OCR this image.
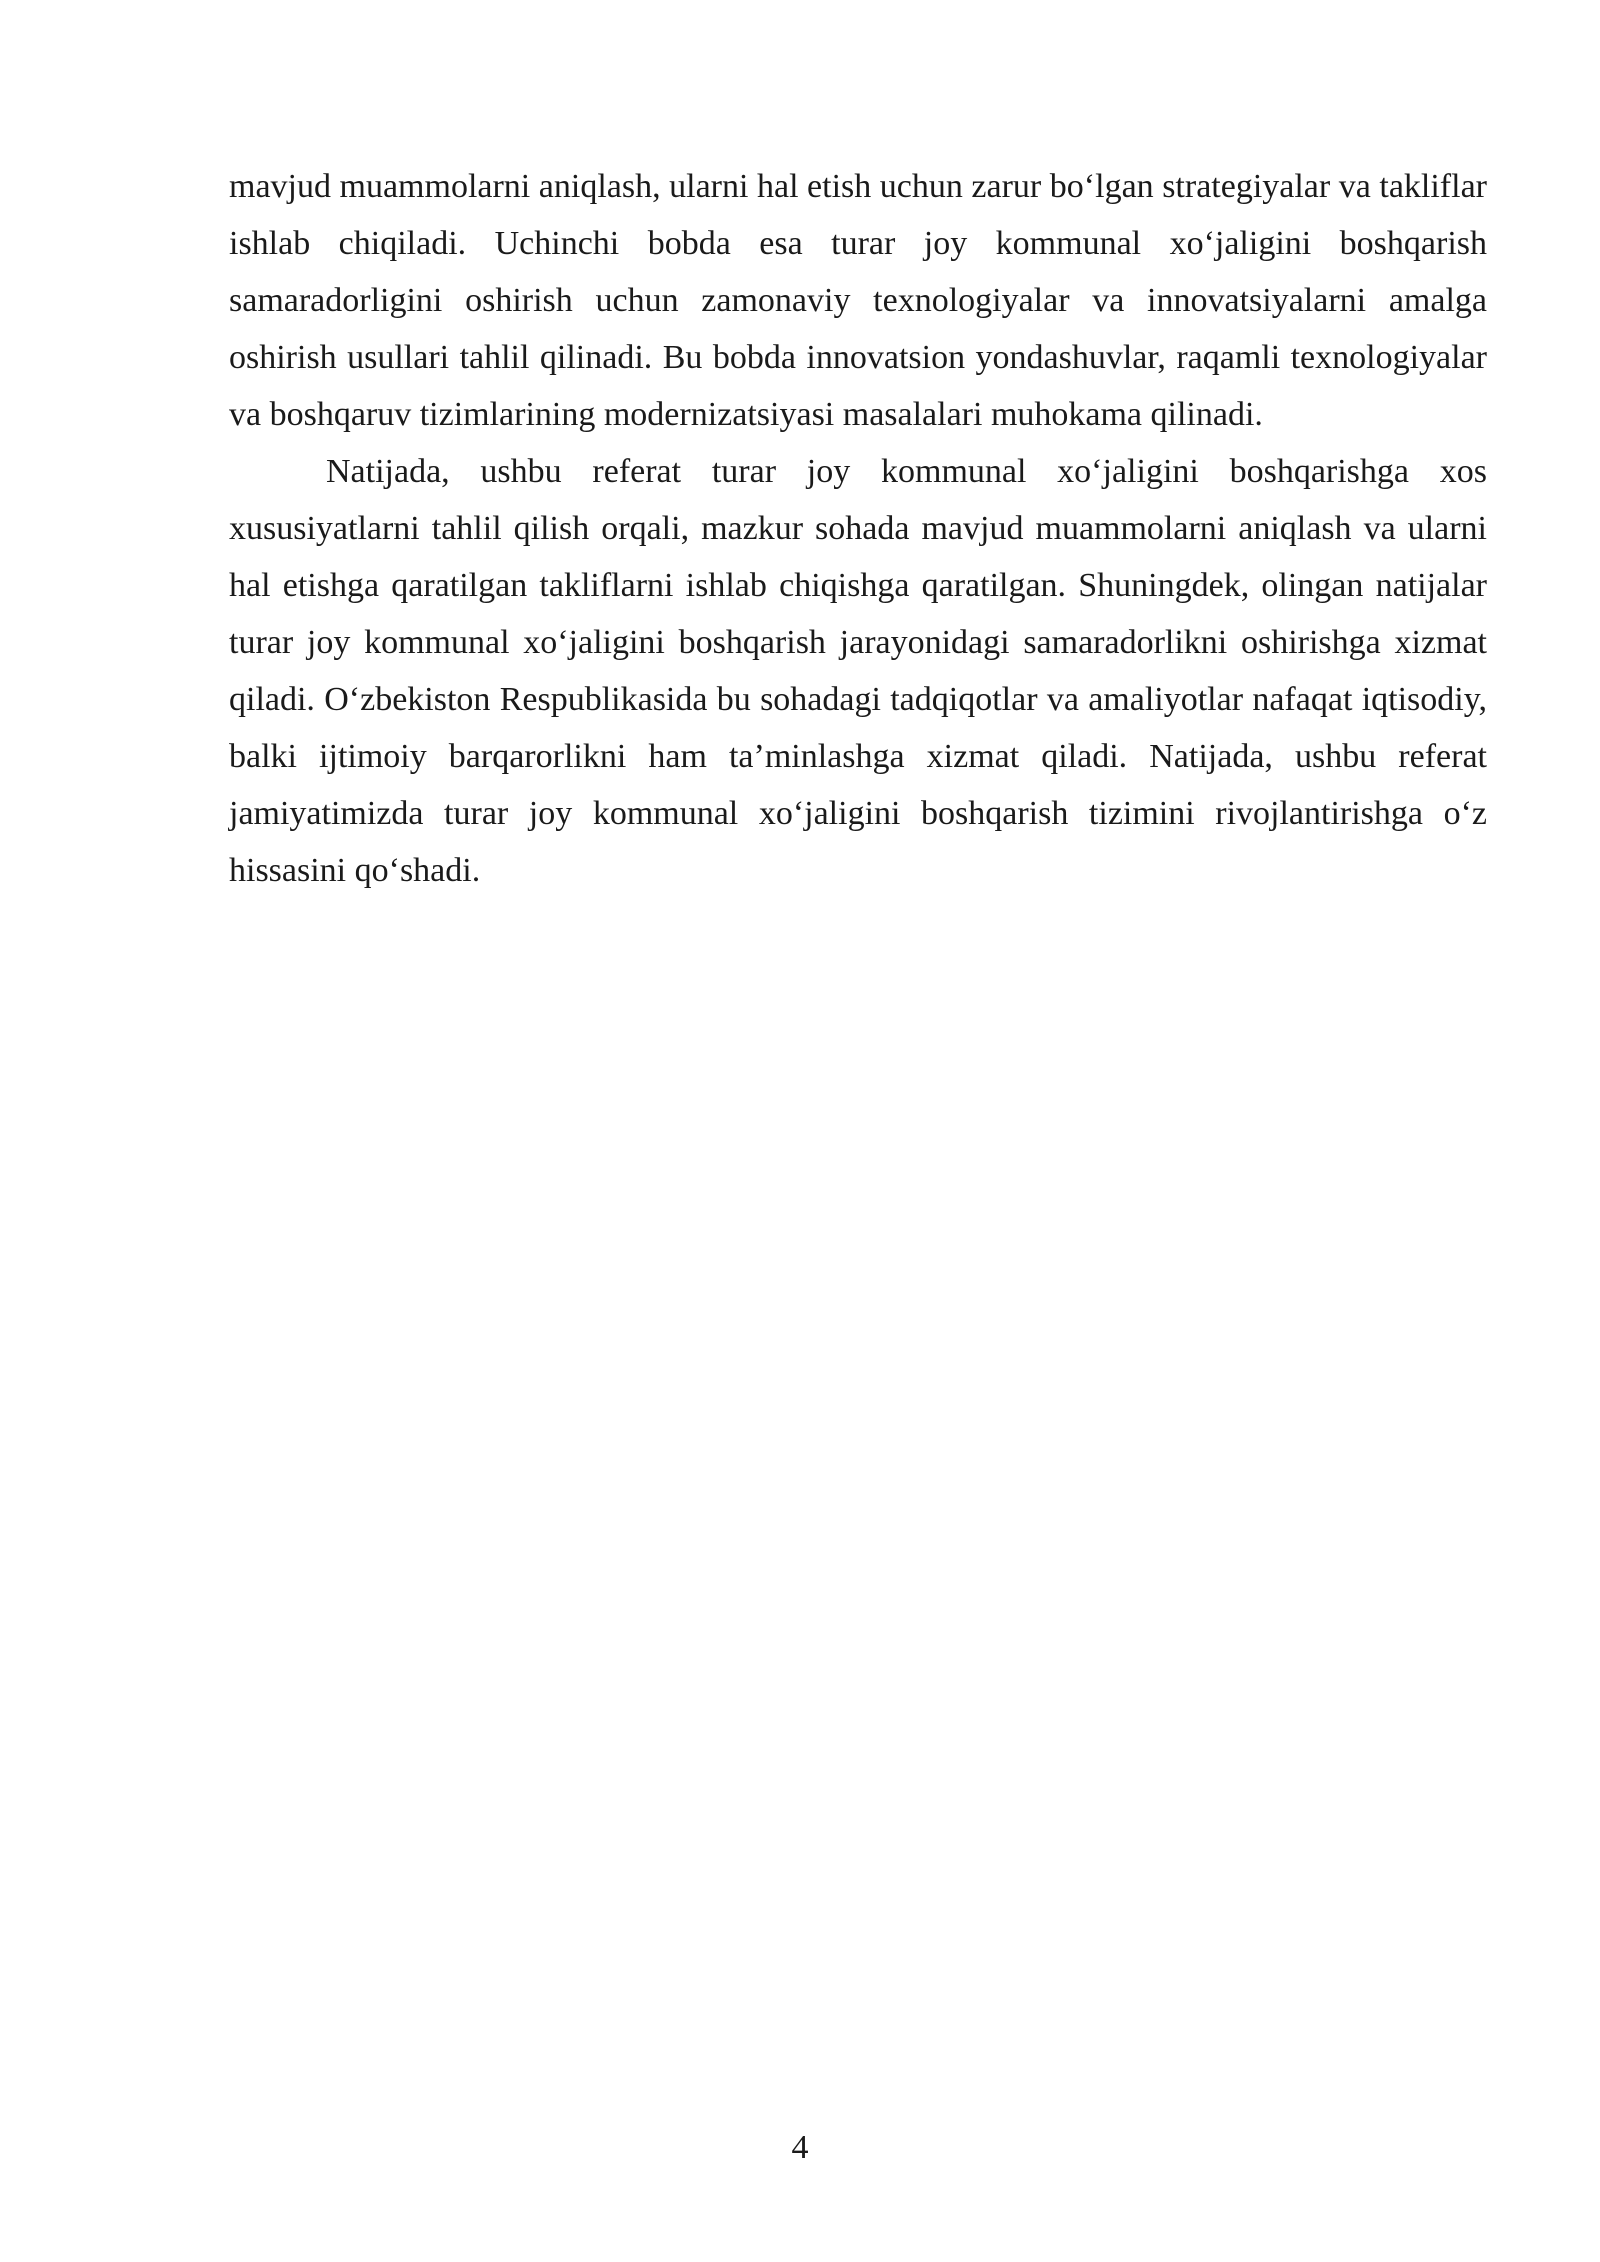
mavjud muammolarni aniqlash, ularni hal etish uchun zarur bo‘lgan strategiyalar va takliflar ishlab chiqiladi. Uchinchi bobda esa turar joy kommunal xo‘jaligini boshqarish samaradorligini oshirish uchun zamonaviy texnologiyalar va innovatsiyalarni amalga oshirish usullari tahlil qilinadi. Bu bobda innovatsion yondashuvlar, raqamli texnologiyalar va boshqaruv tizimlarining modernizatsiyasi masalalari muhokama qilinadi.

Natijada, ushbu referat turar joy kommunal xo‘jaligini boshqarishga xos xususiyatlarni tahlil qilish orqali, mazkur sohada mavjud muammolarni aniqlash va ularni hal etishga qaratilgan takliflarni ishlab chiqishga qaratilgan. Shuningdek, olingan natijalar turar joy kommunal xo‘jaligini boshqarish jarayonidagi samaradorlikni oshirishga xizmat qiladi. O‘zbekiston Respublikasida bu sohadagi tadqiqotlar va amaliyotlar nafaqat iqtisodiy, balki ijtimoiy barqarorlikni ham ta’minlashga xizmat qiladi. Natijada, ushbu referat jamiyatimizda turar joy kommunal xo‘jaligini boshqarish tizimini rivojlantirishga o‘z hissasini qo‘shadi.

4
